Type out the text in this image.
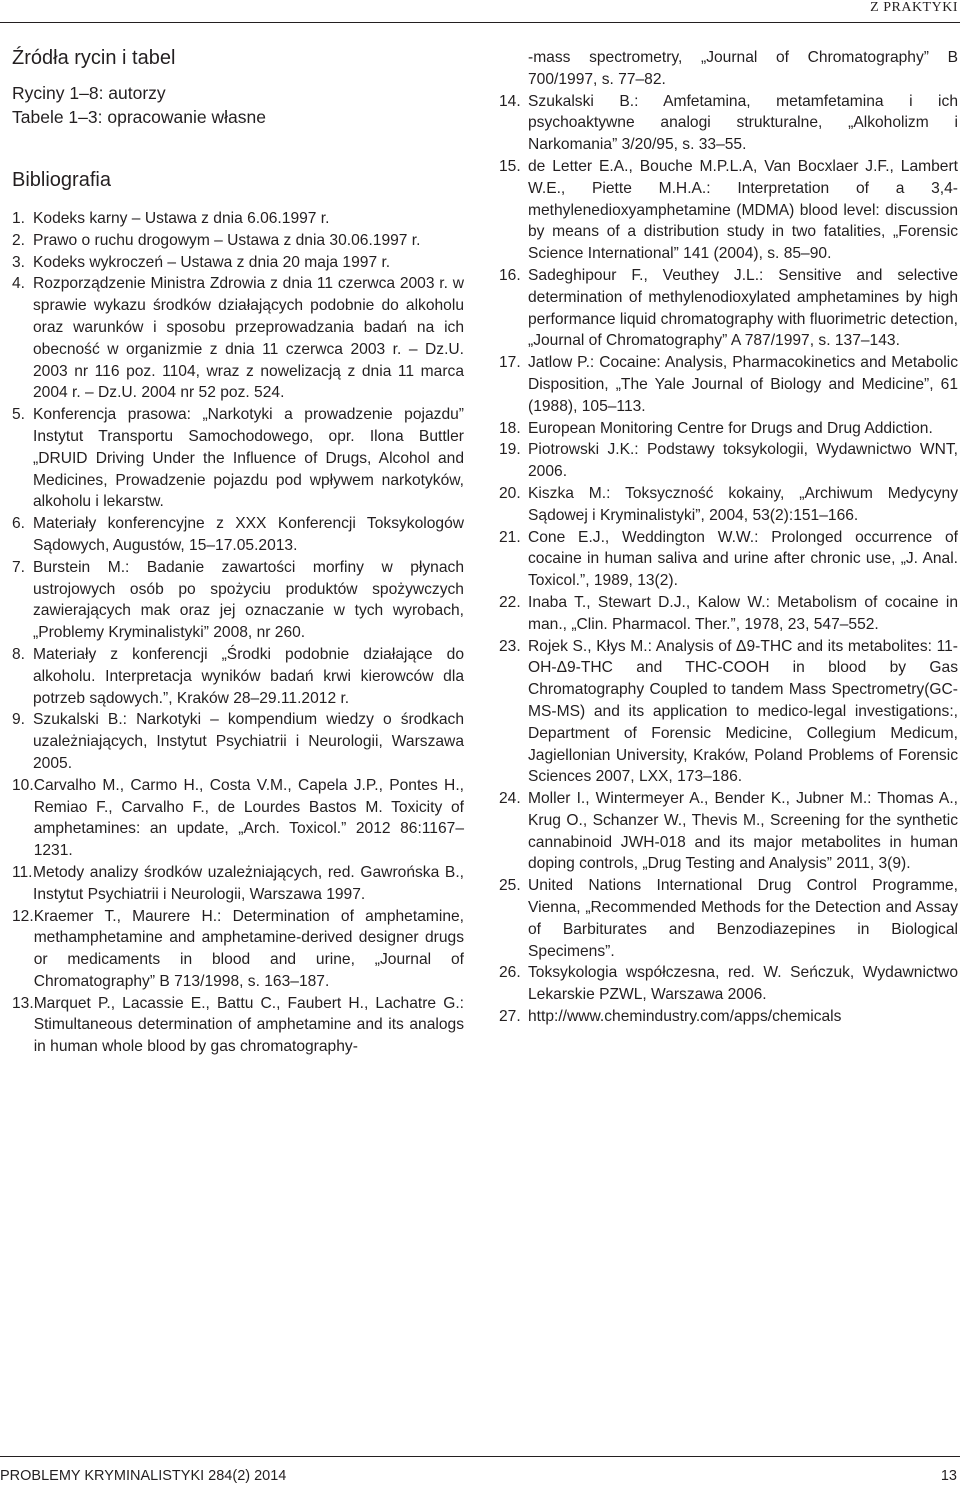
Z PRAKTYKI
Źródła rycin i tabel
Ryciny 1–8: autorzy
Tabele 1–3: opracowanie własne
Bibliografia
1. Kodeks karny – Ustawa z dnia 6.06.1997 r.
2. Prawo o ruchu drogowym – Ustawa z dnia 30.06.1997 r.
3. Kodeks wykroczeń – Ustawa z dnia 20 maja 1997 r.
4. Rozporządzenie Ministra Zdrowia z dnia 11 czerwca 2003 r. w sprawie wykazu środków działających podobnie do alkoholu oraz warunków i sposobu przeprowadzania badań na ich obecność w organizmie z dnia 11 czerwca 2003 r. – Dz.U. 2003 nr 116 poz. 1104, wraz z nowelizacją z dnia 11 marca 2004 r. – Dz.U. 2004 nr 52 poz. 524.
5. Konferencja prasowa: „Narkotyki a prowadzenie pojazdu” Instytut Transportu Samochodowego, opr. Ilona Buttler „DRUID Driving Under the Influence of Drugs, Alcohol and Medicines, Prowadzenie pojazdu pod wpływem narkotyków, alkoholu i lekarstw.
6. Materiały konferencyjne z XXX Konferencji Toksykologów Sądowych, Augustów, 15–17.05.2013.
7. Burstein M.: Badanie zawartości morfiny w płynach ustrojowych osób po spożyciu produktów spożywczych zawierających mak oraz jej oznaczanie w tych wyrobach, „Problemy Kryminalistyki” 2008, nr 260.
8. Materiały z konferencji „Środki podobnie działające do alkoholu. Interpretacja wyników badań krwi kierowców dla potrzeb sądowych.”, Kraków 28–29.11.2012 r.
9. Szukalski B.: Narkotyki – kompendium wiedzy o środkach uzależniających, Instytut Psychiatrii i Neurologii, Warszawa 2005.
10. Carvalho M., Carmo H., Costa V.M., Capela J.P., Pontes H., Remiao F., Carvalho F., de Lourdes Bastos M. Toxicity of amphetamines: an update, „Arch. Toxicol.” 2012 86:1167–1231.
11. Metody analizy środków uzależniających, red. Gawrońska B., Instytut Psychiatrii i Neurologii, Warszawa 1997.
12. Kraemer T., Maurere H.: Determination of amphetamine, methamphetamine and amphetamine-derived designer drugs or medicaments in blood and urine, „Journal of Chromatography” B 713/1998, s. 163–187.
13. Marquet P., Lacassie E., Battu C., Faubert H., Lachatre G.: Stimultaneous determination of amphetamine and its analogs in human whole blood by gas chromatography-
-mass spectrometry, „Journal of Chromatography” B 700/1997, s. 77–82.
14. Szukalski B.: Amfetamina, metamfetamina i ich psychoaktywne analogi strukturalne, „Alkoholizm i Narkomania” 3/20/95, s. 33–55.
15. de Letter E.A., Bouche M.P.L.A, Van Bocxlaer J.F., Lambert W.E., Piette M.H.A.: Interpretation of a 3,4-methylenedioxyamphetamine (MDMA) blood level: discussion by means of a distribution study in two fatalities, „Forensic Science International” 141 (2004), s. 85–90.
16. Sadeghipour F., Veuthey J.L.: Sensitive and selective determination of methylenodioxylated amphetamines by high performance liquid chromatography with fluorimetric detection, „Journal of Chromatography” A 787/1997, s. 137–143.
17. Jatlow P.: Cocaine: Analysis, Pharmacokinetics and Metabolic Disposition, „The Yale Journal of Biology and Medicine”, 61 (1988), 105–113.
18. European Monitoring Centre for Drugs and Drug Addiction.
19. Piotrowski J.K.: Podstawy toksykologii, Wydawnictwo WNT, 2006.
20. Kiszka M.: Toksyczność kokainy, „Archiwum Medycyny Sądowej i Kryminalistyki”, 2004, 53(2):151–166.
21. Cone E.J., Weddington W.W.: Prolonged occurrence of cocaine in human saliva and urine after chronic use, „J. Anal. Toxicol.”, 1989, 13(2).
22. Inaba T., Stewart D.J., Kalow W.: Metabolism of cocaine in man., „Clin. Pharmacol. Ther.”, 1978, 23, 547–552.
23. Rojek S., Kłys M.: Analysis of Δ9-THC and its metabolites: 11-OH-Δ9-THC and THC-COOH in blood by Gas Chromatography Coupled to tandem Mass Spectrometry(GC-MS-MS) and its application to medico-legal investigations:, Department of Forensic Medicine, Collegium Medicum, Jagiellonian University, Kraków, Poland Problems of Forensic Sciences 2007, LXX, 173–186.
24. Moller I., Wintermeyer A., Bender K., Jubner M.: Thomas A., Krug O., Schanzer W., Thevis M., Screening for the synthetic cannabinoid JWH-018 and its major metabolites in human doping controls, „Drug Testing and Analysis” 2011, 3(9).
25. United Nations International Drug Control Programme, Vienna, „Recommended Methods for the Detection and Assay of Barbiturates and Benzodiazepines in Biological Specimens”.
26. Toksykologia współczesna, red. W. Seńczuk, Wydawnictwo Lekarskie PZWL, Warszawa 2006.
27. http://www.chemindustry.com/apps/chemicals
PROBLEMY KRYMINALISTYKI 284(2) 2014	13
